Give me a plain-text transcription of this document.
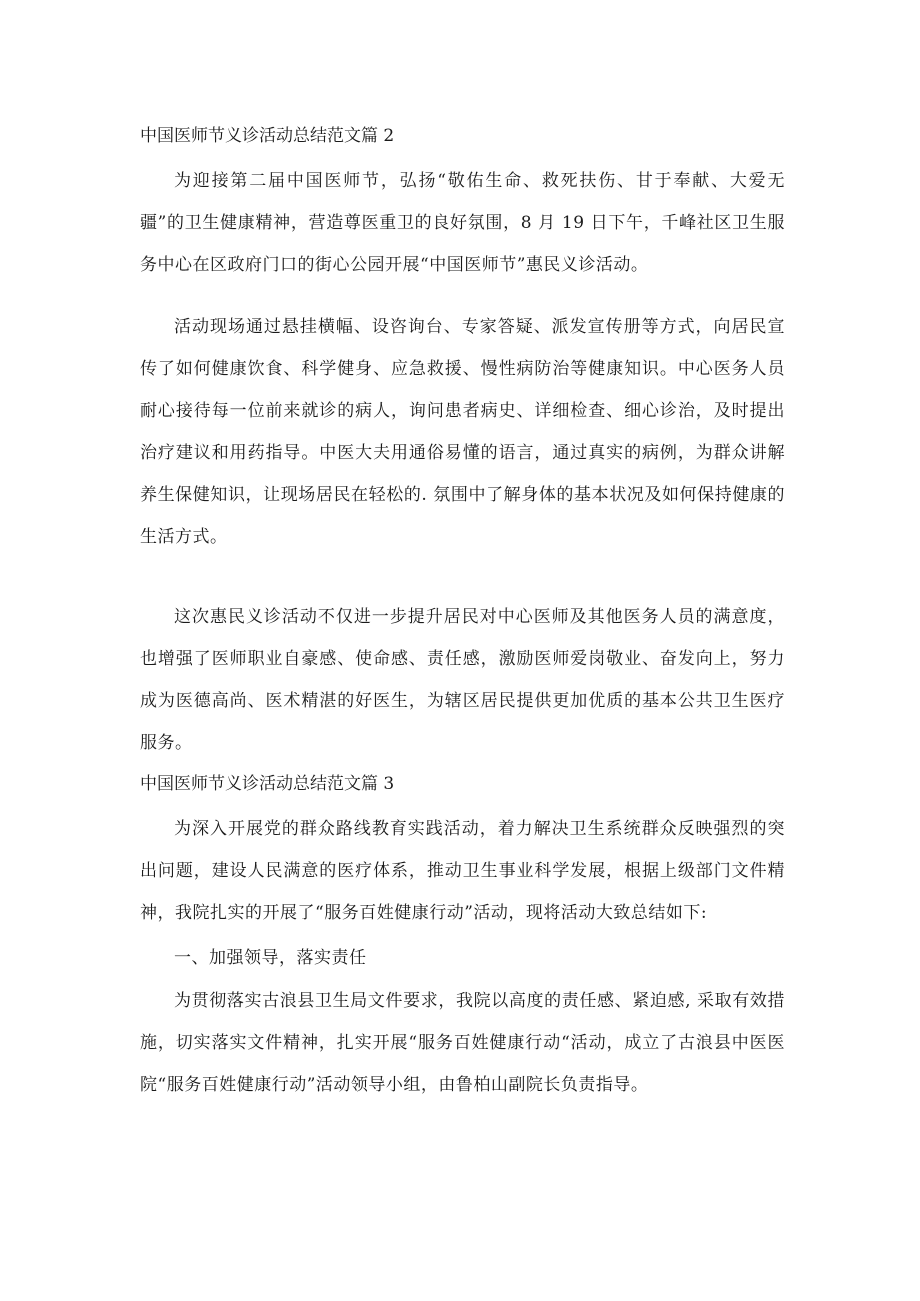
中国医师节义诊活动总结范文篇 2

为迎接第二届中国医师节，弘扬“敬佑生命、救死扶伤、甘于奉献、大爱无疆”的卫生健康精神，营造尊医重卫的良好氛围，8 月 19 日下午，千峰社区卫生服务中心在区政府门口的街心公园开展“中国医师节”惠民义诊活动。

活动现场通过悬挂横幅、设咨询台、专家答疑、派发宣传册等方式，向居民宣传了如何健康饮食、科学健身、应急救援、慢性病防治等健康知识。中心医务人员耐心接待每一位前来就诊的病人，询问患者病史、详细检查、细心诊治，及时提出治疗建议和用药指导。中医大夫用通俗易懂的语言，通过真实的病例，为群众讲解养生保健知识，让现场居民在轻松的. 氛围中了解身体的基本状况及如何保持健康的生活方式。

这次惠民义诊活动不仅进一步提升居民对中心医师及其他医务人员的满意度，也增强了医师职业自豪感、使命感、责任感，激励医师爱岗敬业、奋发向上，努力成为医德高尚、医术精湛的好医生，为辖区居民提供更加优质的基本公共卫生医疗服务。

中国医师节义诊活动总结范文篇 3

为深入开展党的群众路线教育实践活动，着力解决卫生系统群众反映强烈的突出问题，建设人民满意的医疗体系，推动卫生事业科学发展，根据上级部门文件精神，我院扎实的开展了“服务百姓健康行动”活动，现将活动大致总结如下:

一、加强领导，落实责任

为贯彻落实古浪县卫生局文件要求，我院以高度的责任感、紧迫感, 采取有效措施，切实落实文件精神，扎实开展“服务百姓健康行动“活动，成立了古浪县中医医院“服务百姓健康行动”活动领导小组，由鲁柏山副院长负责指导。
